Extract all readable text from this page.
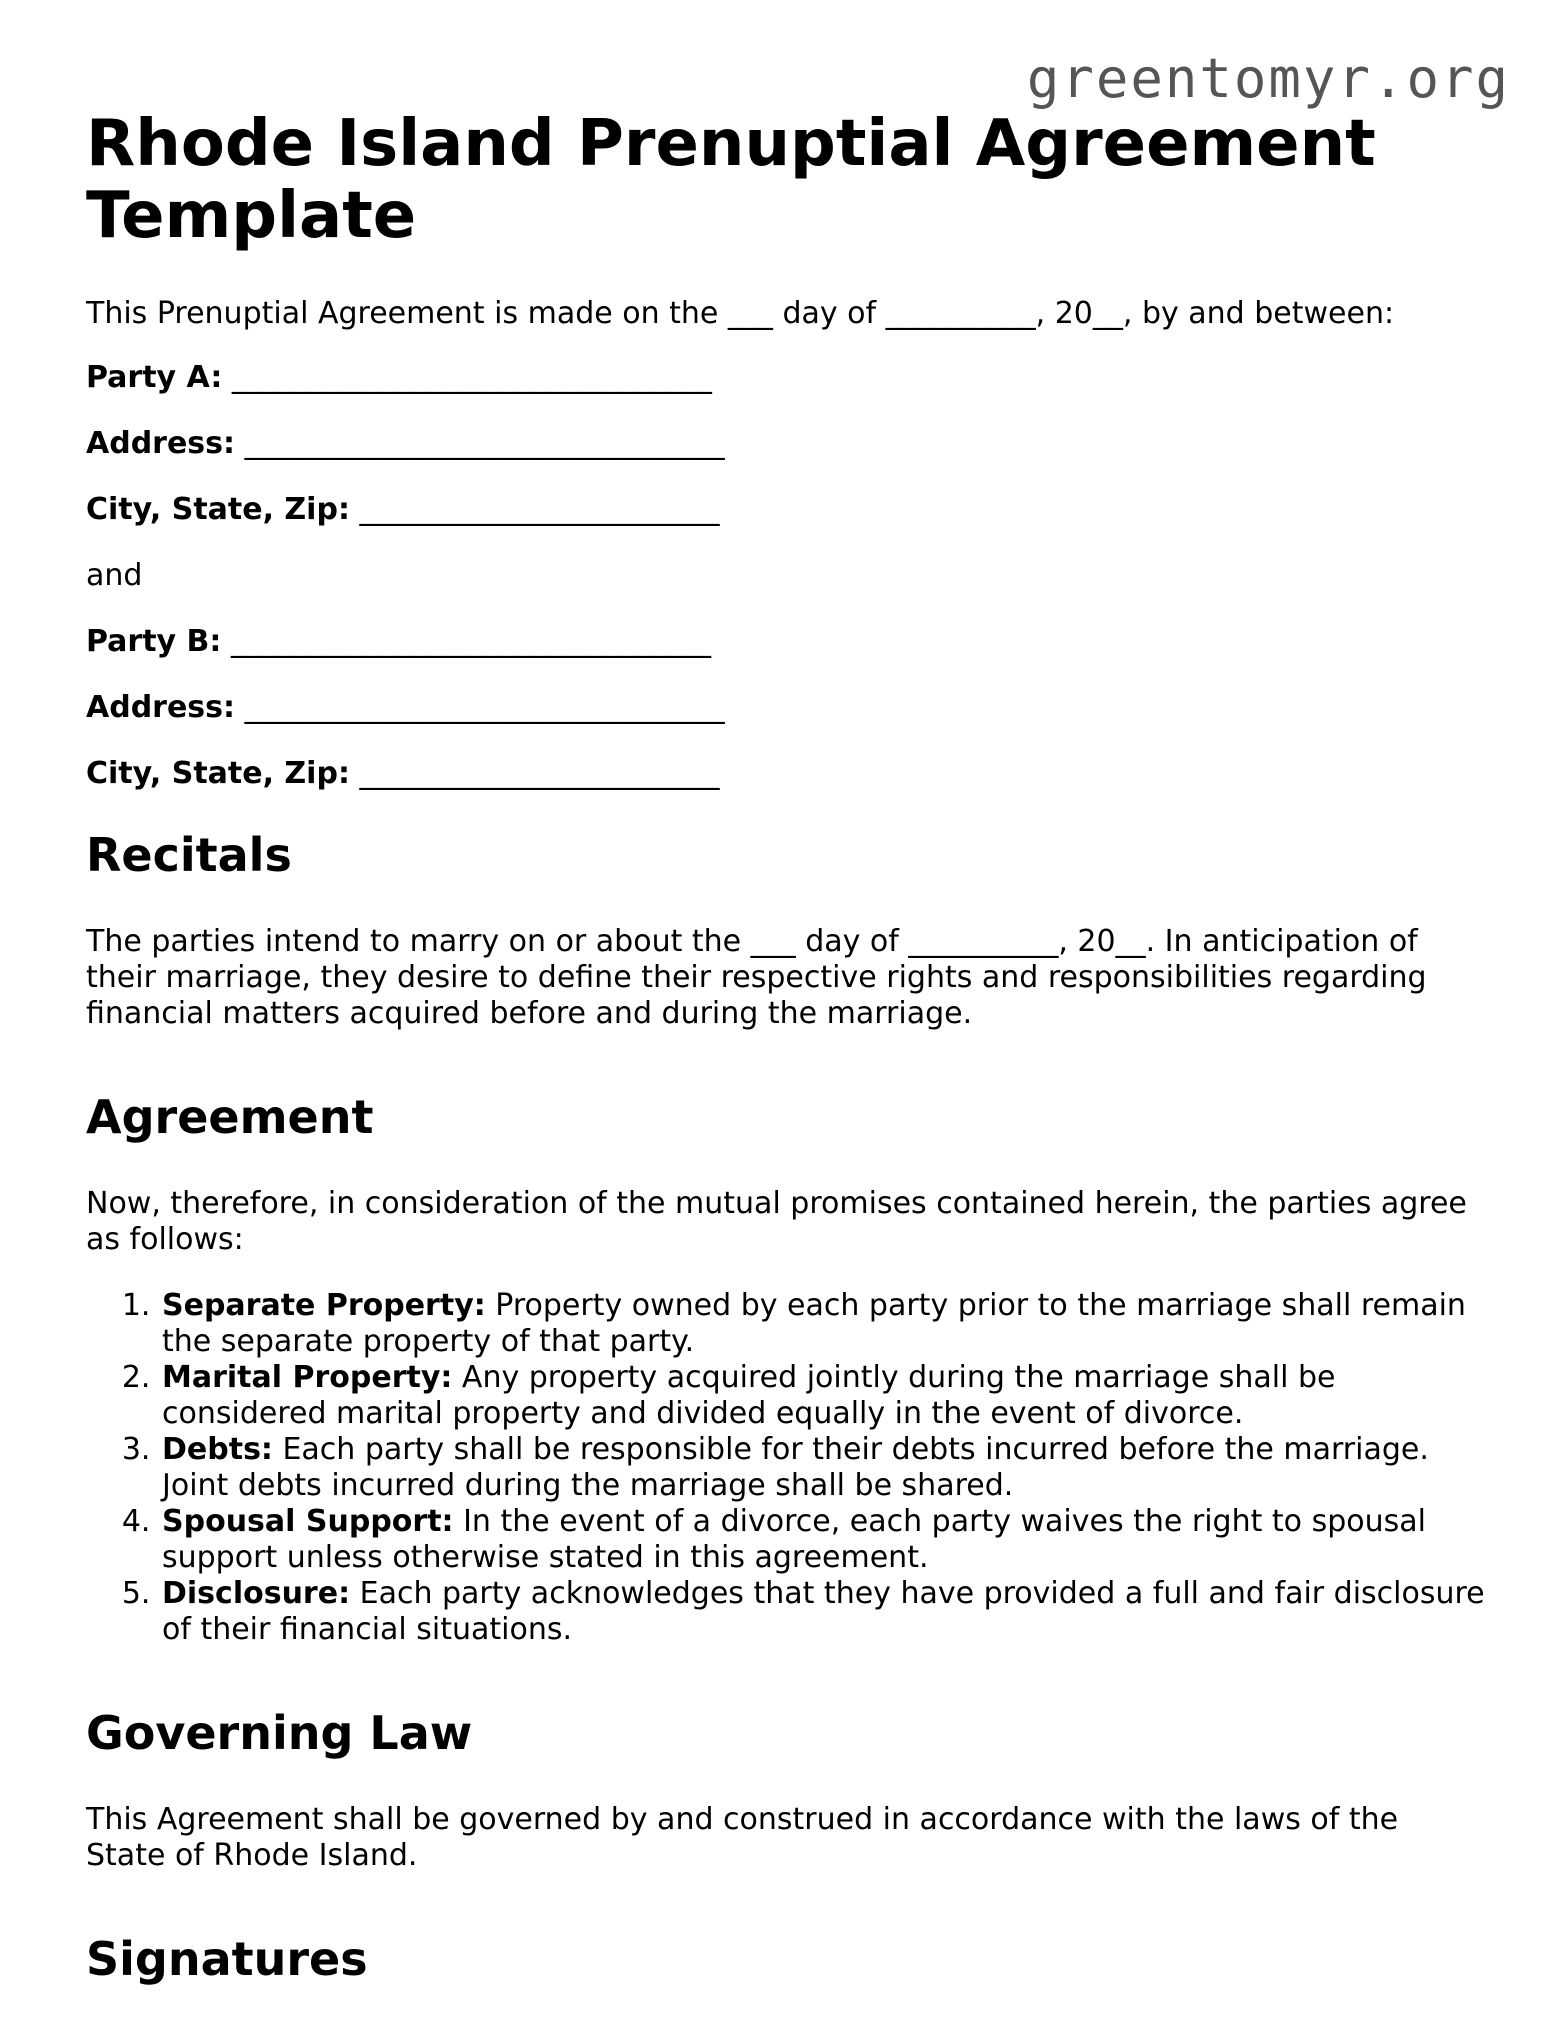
greentomyr.org
Rhode Island Prenuptial Agreement Template

This Prenuptial Agreement is made on the ___ day of __________, 20__, by and between:

Party A: ________________________________
Address: ________________________________
City, State, Zip: ________________________

and

Party B: ________________________________
Address: ________________________________
City, State, Zip: ________________________
Recitals

The parties intend to marry on or about the ___ day of __________, 20__. In anticipation of their marriage, they desire to define their respective rights and responsibilities regarding financial matters acquired before and during the marriage.

Agreement

Now, therefore, in consideration of the mutual promises contained herein, the parties agree as follows:

1. Separate Property: Property owned by each party prior to the marriage shall remain the separate property of that party.
2. Marital Property: Any property acquired jointly during the marriage shall be considered marital property and divided equally in the event of divorce.
3. Debts: Each party shall be responsible for their debts incurred before the marriage. Joint debts incurred during the marriage shall be shared.
4. Spousal Support: In the event of a divorce, each party waives the right to spousal support unless otherwise stated in this agreement.
5. Disclosure: Each party acknowledges that they have provided a full and fair disclosure of their financial situations.
Governing Law

This Agreement shall be governed by and construed in accordance with the laws of the State of Rhode Island.

Signatures
